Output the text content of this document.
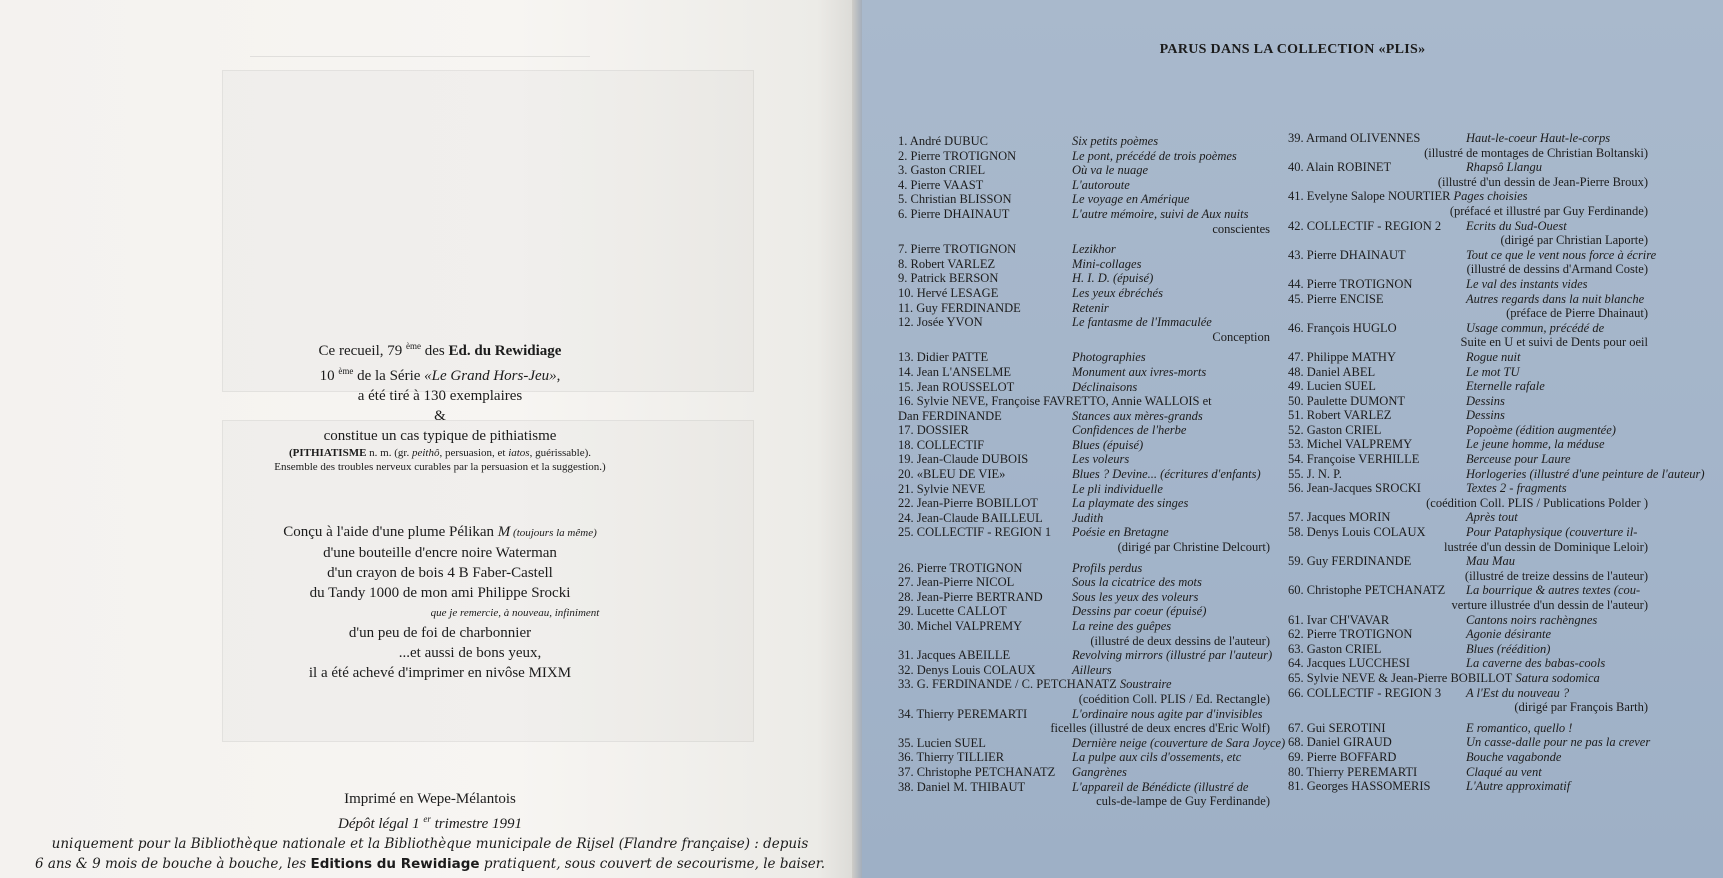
Ce recueil, 79 $^{ème}$ des Ed. du Rewidiage
10 $^{ème}$ de la Série «Le Grand Hors-Jeu»,
a été tiré à 130 exemplaires
&
constitue un cas typique de pithiatisme
(PITHIATISME n. m. (gr. peithô, persuasion, et iatos, guérissable).
Ensemble des troubles nerveux curables par la persuasion et la suggestion.)
Conçu à l'aide d'une plume Pélikan M (toujours la même)
d'une bouteille d'encre noire Waterman
d'un crayon de bois 4 B Faber-Castell
du Tandy 1000 de mon ami Philippe Srocki
que je remercie, à nouveau, infiniment
d'un peu de foi de charbonnier
...et aussi de bons yeux,
il a été achevé d'imprimer en nivôse MIXM
Imprimé en Wepe-Mélantois
Dépôt légal 1 $^{er}$ trimestre 1991
uniquement pour la Bibliothèque nationale et la Bibliothèque municipale de Rijsel (Flandre française) : depuis
6 ans & 9 mois de bouche à bouche, les Editions du Rewidiage pratiquent, sous couvert de secourisme, le baiser.
PARUS DANS LA COLLECTION «PLIS»
1. André DUBUC	Six petits poèmes
2. Pierre TROTIGNON	Le pont, précédé de trois poèmes
3. Gaston CRIEL	Où va le nuage
4. Pierre VAAST	L'autoroute
5. Christian BLISSON	Le voyage en Amérique
6. Pierre DHAINAUT	L'autre mémoire, suivi de Aux nuits
conscientes
7. Pierre TROTIGNON	Lezikhor
8. Robert VARLEZ	Mini-collages
9. Patrick BERSON	H. I. D. (épuisé)
10. Hervé LESAGE	Les yeux ébréchés
11. Guy FERDINANDE	Retenir
12. Josée YVON	Le fantasme de l'Immaculée
Conception
13. Didier PATTE	Photographies
14. Jean L'ANSELME	Monument aux ivres-morts
15. Jean ROUSSELOT	Déclinaisons
16. Sylvie NEVE, Françoise FAVRETTO, Annie WALLOIS et
Dan FERDINANDE	Stances aux mères-grands
17. DOSSIER	Confidences de l'herbe
18. COLLECTIF	Blues (épuisé)
19. Jean-Claude DUBOIS	Les voleurs
20. «BLEU DE VIE»	Blues ? Devine... (écritures d'enfants)
21. Sylvie NEVE	Le pli individuelle
22. Jean-Pierre BOBILLOT	La playmate des singes
24. Jean-Claude BAILLEUL	Judith
25. COLLECTIF - REGION 1	Poésie en Bretagne
(dirigé par Christine Delcourt)
26. Pierre TROTIGNON	Profils perdus
27. Jean-Pierre NICOL	Sous la cicatrice des mots
28. Jean-Pierre BERTRAND	Sous les yeux des voleurs
29. Lucette CALLOT	Dessins par coeur (épuisé)
30. Michel VALPREMY	La reine des guêpes
(illustré de deux dessins de l'auteur)
31. Jacques ABEILLE	Revolving mirrors (illustré par l'auteur)
32. Denys Louis COLAUX	Ailleurs
33. G. FERDINANDE / C. PETCHANATZ Soustraire
(coédition Coll. PLIS / Ed. Rectangle)
34. Thierry PEREMARTI	L'ordinaire nous agite par d'invisibles
ficelles (illustré de deux encres d'Eric Wolf)
35. Lucien SUEL	Dernière neige (couverture de Sara Joyce)
36. Thierry TILLIER	La pulpe aux cils d'ossements, etc
37. Christophe PETCHANATZ	Gangrènes
38. Daniel M. THIBAUT	L'appareil de Bénédicte (illustré de
culs-de-lampe de Guy Ferdinande)
39. Armand OLIVENNES	Haut-le-coeur Haut-le-corps
(illustré de montages de Christian Boltanski)
40. Alain ROBINET	Rhapsô Llangu
(illustré d'un dessin de Jean-Pierre Broux)
41. Evelyne Salope NOURTIER Pages choisies
(préfacé et illustré par Guy Ferdinande)
42. COLLECTIF - REGION 2	Ecrits du Sud-Ouest
(dirigé par Christian Laporte)
43. Pierre DHAINAUT	Tout ce que le vent nous force à écrire
(illustré de dessins d'Armand Coste)
44. Pierre TROTIGNON	Le val des instants vides
45. Pierre ENCISE	Autres regards dans la nuit blanche
(préface de Pierre Dhainaut)
46. François HUGLO	Usage commun, précédé de
Suite en U et suivi de Dents pour oeil
47. Philippe MATHY	Rogue nuit
48. Daniel ABEL	Le mot TU
49. Lucien SUEL	Eternelle rafale
50. Paulette DUMONT	Dessins
51. Robert VARLEZ	Dessins
52. Gaston CRIEL	Popoème (édition augmentée)
53. Michel VALPREMY	Le jeune homme, la méduse
54. Françoise VERHILLE	Berceuse pour Laure
55. J. N. P.	Horlogeries (illustré d'une peinture de l'auteur)
56. Jean-Jacques SROCKI	Textes 2 - fragments
(coédition Coll. PLIS / Publications Polder )
57. Jacques MORIN	Après tout
58. Denys Louis COLAUX	Pour Pataphysique (couverture il-
lustrée d'un dessin de Dominique Leloir)
59. Guy FERDINANDE	Mau Mau
(illustré de treize dessins de l'auteur)
60. Christophe PETCHANATZ	La bourrique & autres textes (cou-
verture illustrée d'un dessin de l'auteur)
61. Ivar CH'VAVAR	Cantons noirs rachèngnes
62. Pierre TROTIGNON	Agonie désirante
63. Gaston CRIEL	Blues (réédition)
64. Jacques LUCCHESI	La caverne des babas-cools
65. Sylvie NEVE & Jean-Pierre BOBILLOT Satura sodomica
66. COLLECTIF - REGION 3	A l'Est du nouveau ?
(dirigé par François Barth)
67. Gui SEROTINI	E romantico, quello !
68. Daniel GIRAUD	Un casse-dalle pour ne pas la crever
69. Pierre BOFFARD	Bouche vagabonde
80. Thierry PEREMARTI	Claqué au vent
81. Georges HASSOMERIS	L'Autre approximatif
